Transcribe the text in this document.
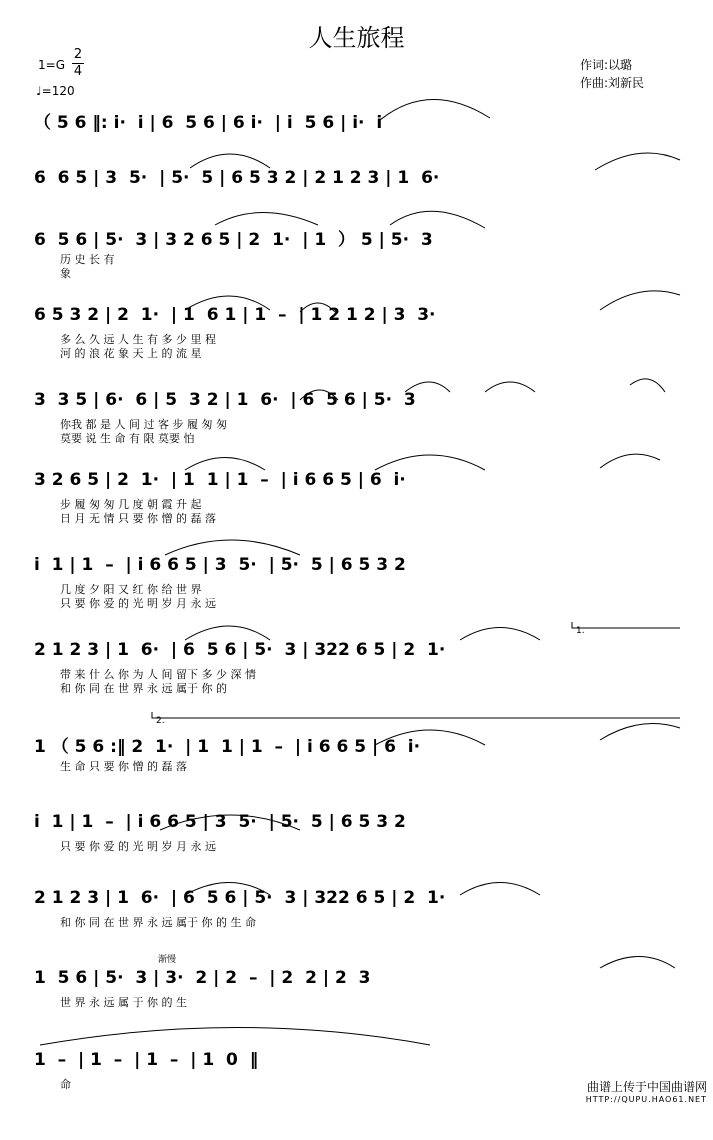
人生旅程
1=G
2
4
♩=120
作词:以璐
作曲:刘新民
（ 5 6 ‖: i·  i | 6  5 6 | 6 i·  | i  5 6 | i·  i
6  6 5 | 3  5·  | 5·  5 | 6 5 3 2 | 2 1 2 3 | 1  6·
6  5 6 | 5·  3 | 3 2 6 5 | 2  1·  | 1  ） 5 | 5·  3
历 史 长 有
象
6 5 3 2 | 2  1·  | 1  6 1 | 1  –  | 1 2 1 2 | 3  3·
多 么 久 远 人 生 有 多 少 里 程
河 的 浪 花 象 天 上 的 流 星
3  3 5 | 6·  6 | 5  3 2 | 1  6·  | 6  5 6 | 5·  3
你我 都 是 人 间 过 客 步 履 匆 匆
莫要 说 生 命 有 限 莫要 怕
3 2 6 5 | 2  1·  | 1  1 | 1  –  | i 6 6 5 | 6  i·
步 履 匆 匆 几 度 朝 霞 升 起
日 月 无 情 只 要 你 憎 的 磊 落
i  1 | 1  –  | i 6 6 5 | 3  5·  | 5·  5 | 6 5 3 2
几 度 夕 阳 又 红 你 给 世 界
只 要 你 爱 的 光 明 岁 月 永 远
2 1 2 3 | 1  6·  | 6  5 6 | 5·  3 | 322 6 5 | 2  1·
带 来 什 么 你 为 人 间 留下 多 少 深 情
和 你 同 在 世 界 永 远 属于 你 的
1 （ 5 6 :‖ 2  1·  | 1  1 | 1  –  | i 6 6 5 | 6  i·
生 命 只 要 你 憎 的 磊 落
i  1 | 1  –  | i 6 6 5 | 3  5·  | 5·  5 | 6 5 3 2
只 要 你 爱 的 光 明 岁 月 永 远
2 1 2 3 | 1  6·  | 6  5 6 | 5·  3 | 322 6 5 | 2  1·
和 你 同 在 世 界 永 远 属于 你 的 生 命
1  5 6 | 5·  3 | 3·  2 | 2  –  | 2  2 | 2  3
世 界 永 远 属 于 你 的 生
1  –  | 1  –  | 1  –  | 1  0  ‖
命
1.
2.
渐慢
曲谱上传于中国曲谱网
HTTP://QUPU.HAO61.NET
